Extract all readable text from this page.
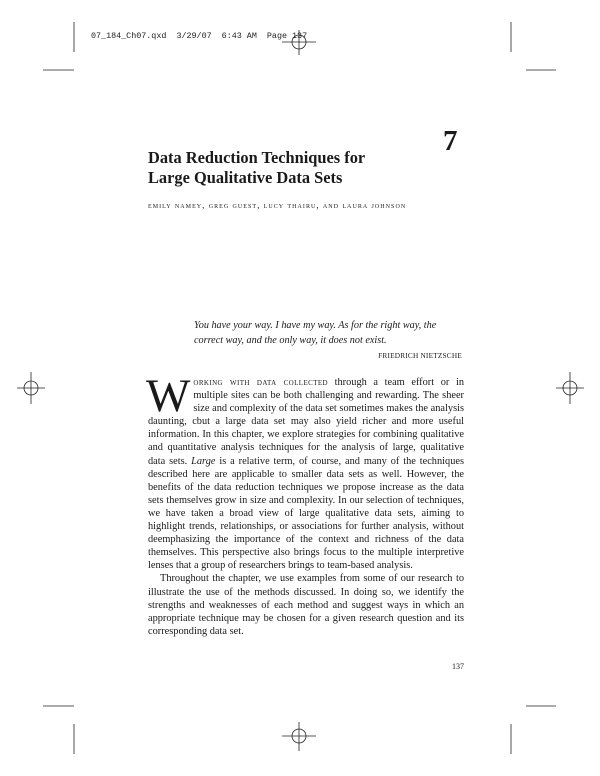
07_184_Ch07.qxd  3/29/07  6:43 AM  Page 137
7
Data Reduction Techniques for
Large Qualitative Data Sets
emily namey, greg guest, lucy thairu, and laura johnson
You have your way. I have my way. As for the right way, the correct way, and the only way, it does not exist.
FRIEDRICH NIETZSCHE

Working with data collected through a team effort or in multiple sites can be both challenging and rewarding. The sheer size and complexity of the data set sometimes makes the analysis daunting, cbut a large data set may also yield richer and more useful information. In this chapter, we explore strategies for combining qualitative and quantitative analysis techniques for the analysis of large, qualitative data sets. Large is a relative term, of course, and many of the techniques described here are applicable to smaller data sets as well. However, the benefits of the data reduction techniques we propose increase as the data sets themselves grow in size and complexity. In our selection of techniques, we have taken a broad view of large qualitative data sets, aiming to highlight trends, relationships, or associations for further analysis, without deemphasizing the importance of the context and richness of the data themselves. This perspective also brings focus to the multiple interpretive lenses that a group of researchers brings to team-based analysis.

Throughout the chapter, we use examples from some of our research to illustrate the use of the methods discussed. In doing so, we identify the strengths and weaknesses of each method and suggest ways in which an appropriate technique may be chosen for a given research question and its corresponding data set.

137
